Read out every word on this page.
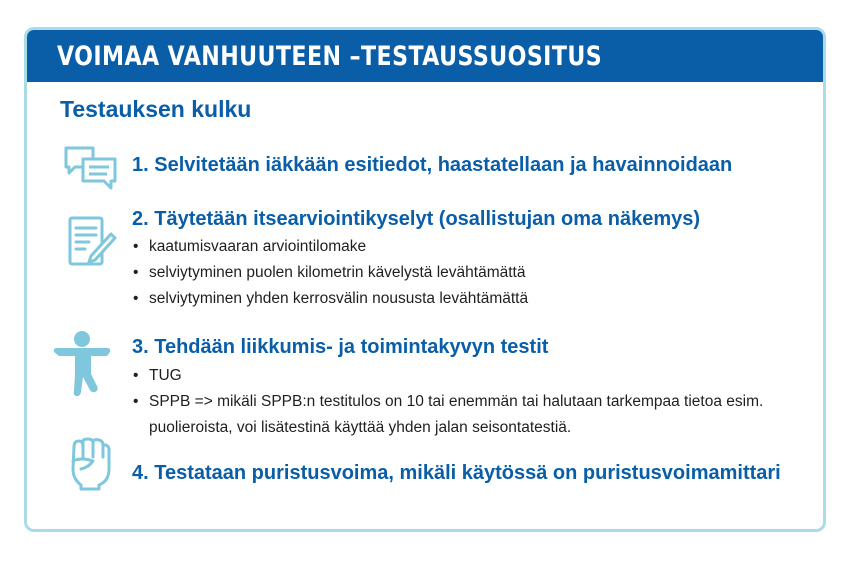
VOIMAA VANHUUTEEN –TESTAUSSUOSITUS
Testauksen kulku
1. Selvitetään iäkkään esitiedot, haastatellaan ja havainnoidaan
2. Täytetään itsearviointikyselyt (osallistujan oma näkemys)
• kaatumisvaaran arviointilomake
• selviytyminen puolen kilometrin kävelystä levähtämättä
• selviytyminen yhden kerrosvälin noususta levähtämättä
3. Tehdään liikkumis- ja toimintakyvyn testit
• TUG
• SPPB => mikäli SPPB:n testitulos on 10 tai enemmän tai halutaan tarkempaa tietoa esim. puolieroista, voi lisätestinä käyttää yhden jalan seisontatestiä.
4. Testataan puristusvoima, mikäli käytössä on puristusvoimamittari
